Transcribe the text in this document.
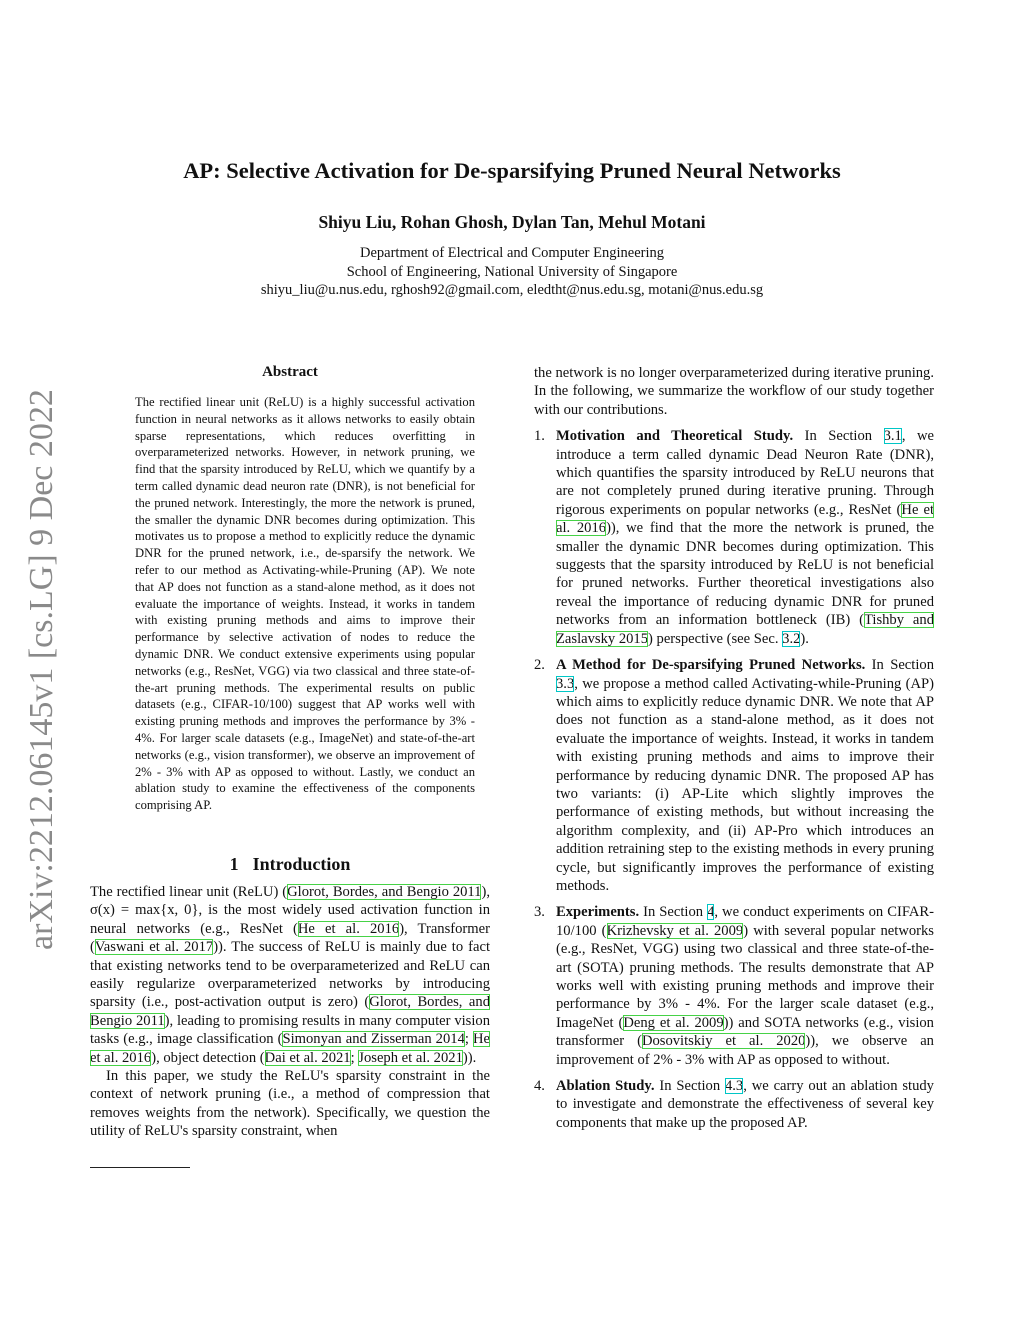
arXiv:2212.06145v1 [cs.LG] 9 Dec 2022
AP: Selective Activation for De-sparsifying Pruned Neural Networks
Shiyu Liu, Rohan Ghosh, Dylan Tan, Mehul Motani
Department of Electrical and Computer Engineering
School of Engineering, National University of Singapore
shiyu_liu@u.nus.edu, rghosh92@gmail.com, eledtht@nus.edu.sg, motani@nus.edu.sg
Abstract

The rectified linear unit (ReLU) is a highly successful activation function in neural networks as it allows networks to easily obtain sparse representations, which reduces overfitting in overparameterized networks. However, in network pruning, we find that the sparsity introduced by ReLU, which we quantify by a term called dynamic dead neuron rate (DNR), is not beneficial for the pruned network. Interestingly, the more the network is pruned, the smaller the dynamic DNR becomes during optimization. This motivates us to propose a method to explicitly reduce the dynamic DNR for the pruned network, i.e., de-sparsify the network. We refer to our method as Activating-while-Pruning (AP). We note that AP does not function as a stand-alone method, as it does not evaluate the importance of weights. Instead, it works in tandem with existing pruning methods and aims to improve their performance by selective activation of nodes to reduce the dynamic DNR. We conduct extensive experiments using popular networks (e.g., ResNet, VGG) via two classical and three state-of-the-art pruning methods. The experimental results on public datasets (e.g., CIFAR-10/100) suggest that AP works well with existing pruning methods and improves the performance by 3% - 4%. For larger scale datasets (e.g., ImageNet) and state-of-the-art networks (e.g., vision transformer), we observe an improvement of 2% - 3% with AP as opposed to without. Lastly, we conduct an ablation study to examine the effectiveness of the components comprising AP.

1 Introduction

The rectified linear unit (ReLU) (Glorot, Bordes, and Bengio 2011), σ(x) = max{x, 0}, is the most widely used activation function in neural networks (e.g., ResNet (He et al. 2016), Transformer (Vaswani et al. 2017)). The success of ReLU is mainly due to fact that existing networks tend to be overparameterized and ReLU can easily regularize overparameterized networks by introducing sparsity (i.e., post-activation output is zero) (Glorot, Bordes, and Bengio 2011), leading to promising results in many computer vision tasks (e.g., image classification (Simonyan and Zisserman 2014; He et al. 2016), object detection (Dai et al. 2021; Joseph et al. 2021)).

In this paper, we study the ReLU's sparsity constraint in the context of network pruning (i.e., a method of compression that removes weights from the network). Specifically, we question the utility of ReLU's sparsity constraint, when

the network is no longer overparameterized during iterative pruning. In the following, we summarize the workflow of our study together with our contributions.

1. Motivation and Theoretical Study. In Section 3.1, we introduce a term called dynamic Dead Neuron Rate (DNR), which quantifies the sparsity introduced by ReLU neurons that are not completely pruned during iterative pruning. Through rigorous experiments on popular networks (e.g., ResNet (He et al. 2016)), we find that the more the network is pruned, the smaller the dynamic DNR becomes during optimization. This suggests that the sparsity introduced by ReLU is not beneficial for pruned networks. Further theoretical investigations also reveal the importance of reducing dynamic DNR for pruned networks from an information bottleneck (IB) (Tishby and Zaslavsky 2015) perspective (see Sec. 3.2).
2. A Method for De-sparsifying Pruned Networks. In Section 3.3, we propose a method called Activating-while-Pruning (AP) which aims to explicitly reduce dynamic DNR. We note that AP does not function as a stand-alone method, as it does not evaluate the importance of weights. Instead, it works in tandem with existing pruning methods and aims to improve their performance by reducing dynamic DNR. The proposed AP has two variants: (i) AP-Lite which slightly improves the performance of existing methods, but without increasing the algorithm complexity, and (ii) AP-Pro which introduces an addition retraining step to the existing methods in every pruning cycle, but significantly improves the performance of existing methods.
3. Experiments. In Section 4, we conduct experiments on CIFAR-10/100 (Krizhevsky et al. 2009) with several popular networks (e.g., ResNet, VGG) using two classical and three state-of-the-art (SOTA) pruning methods. The results demonstrate that AP works well with existing pruning methods and improve their performance by 3% - 4%. For the larger scale dataset (e.g., ImageNet (Deng et al. 2009)) and SOTA networks (e.g., vision transformer (Dosovitskiy et al. 2020)), we observe an improvement of 2% - 3% with AP as opposed to without.
4. Ablation Study. In Section 4.3, we carry out an ablation study to investigate and demonstrate the effectiveness of several key components that make up the proposed AP.
